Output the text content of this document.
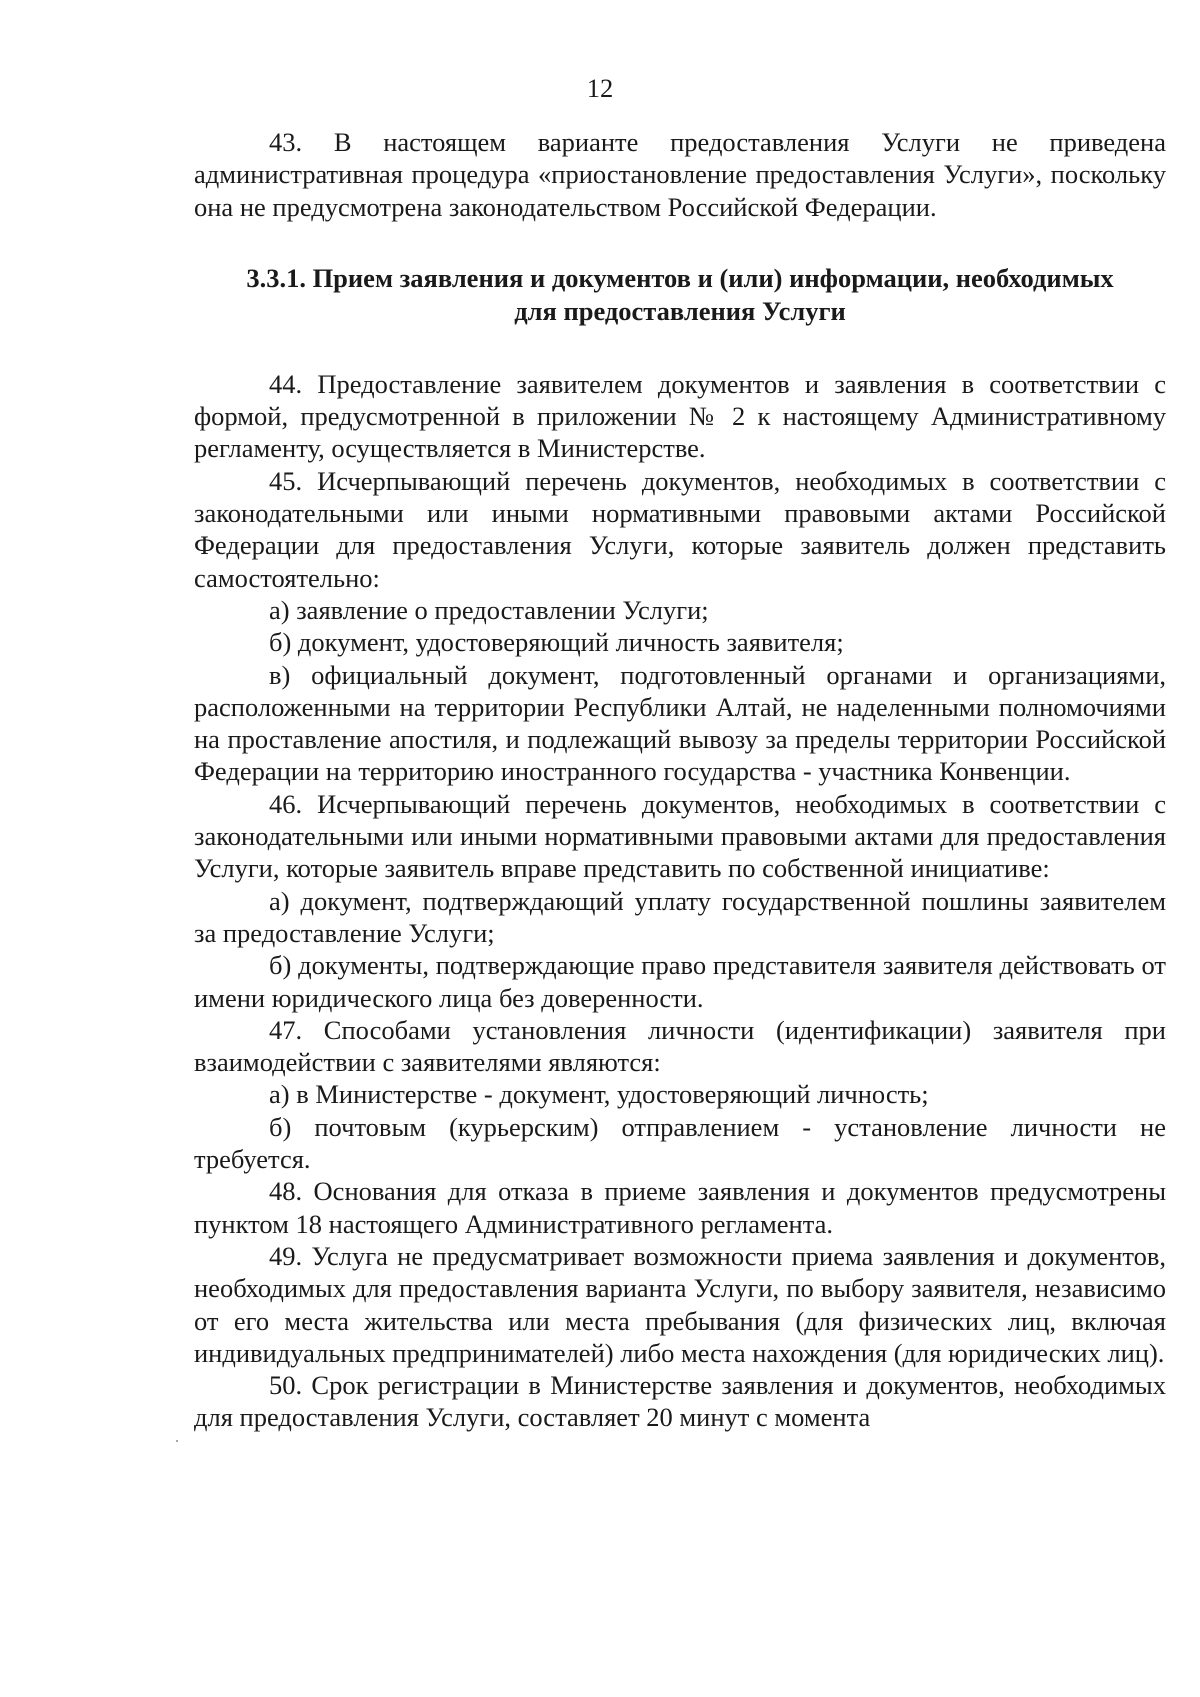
12

43. В настоящем варианте предоставления Услуги не приведена административная процедура «приостановление предоставления Услуги», поскольку она не предусмотрена законодательством Российской Федерации.

3.3.1. Прием заявления и документов и (или) информации, необходимых
для предоставления Услуги

44. Предоставление заявителем документов и заявления в соответствии с формой, предусмотренной в приложении № 2 к настоящему Административному регламенту, осуществляется в Министерстве.

45. Исчерпывающий перечень документов, необходимых в соответствии с законодательными или иными нормативными правовыми актами Российской Федерации для предоставления Услуги, которые заявитель должен представить самостоятельно:

а) заявление о предоставлении Услуги;

б) документ, удостоверяющий личность заявителя;

в) официальный документ, подготовленный органами и организациями, расположенными на территории Республики Алтай, не наделенными полномочиями на проставление апостиля, и подлежащий вывозу за пределы территории Российской Федерации на территорию иностранного государства - участника Конвенции.

46. Исчерпывающий перечень документов, необходимых в соответствии с законодательными или иными нормативными правовыми актами для предоставления Услуги, которые заявитель вправе представить по собственной инициативе:

а) документ, подтверждающий уплату государственной пошлины заявителем за предоставление Услуги;

б) документы, подтверждающие право представителя заявителя действовать от имени юридического лица без доверенности.

47. Способами установления личности (идентификации) заявителя при взаимодействии с заявителями являются:

а) в Министерстве - документ, удостоверяющий личность;

б) почтовым (курьерским) отправлением - установление личности не требуется.

48. Основания для отказа в приеме заявления и документов предусмотрены пунктом 18 настоящего Административного регламента.

49. Услуга не предусматривает возможности приема заявления и документов, необходимых для предоставления варианта Услуги, по выбору заявителя, независимо от его места жительства или места пребывания (для физических лиц, включая индивидуальных предпринимателей) либо места нахождения (для юридических лиц).

50. Срок регистрации в Министерстве заявления и документов, необходимых для предоставления Услуги, составляет 20 минут с момента
